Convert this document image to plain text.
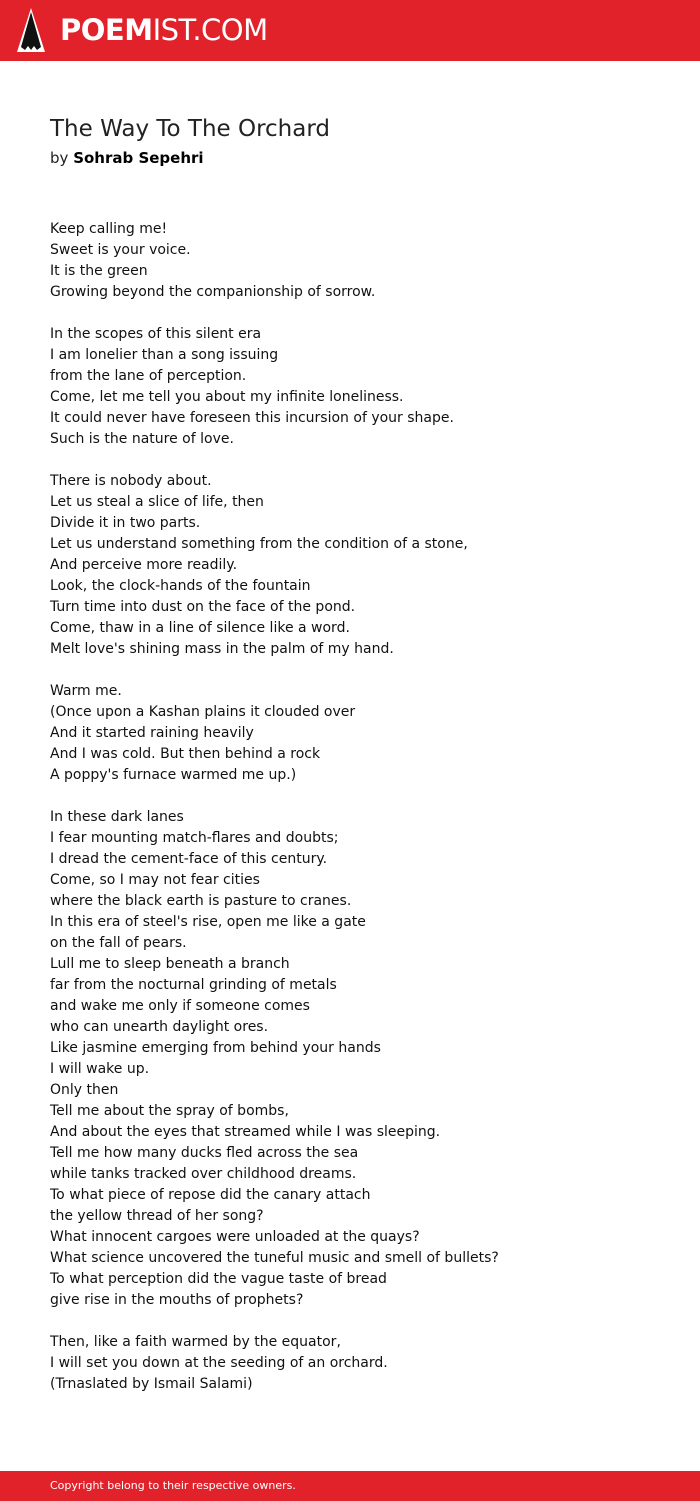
POEMIST.COM
The Way To The Orchard
by Sohrab Sepehri
Keep calling me!
Sweet is your voice.
It is the green
Growing beyond the companionship of sorrow.
In the scopes of this silent era
I am lonelier than a song issuing
from the lane of perception.
Come, let me tell you about my infinite loneliness.
It could never have foreseen this incursion of your shape.
Such is the nature of love.
There is nobody about.
Let us steal a slice of life, then
Divide it in two parts.
Let us understand something from the condition of a stone,
And perceive more readily.
Look, the clock-hands of the fountain
Turn time into dust on the face of the pond.
Come, thaw in a line of silence like a word.
Melt love's shining mass in the palm of my hand.
Warm me.
(Once upon a Kashan plains it clouded over
And it started raining heavily
And I was cold. But then behind a rock
A poppy's furnace warmed me up.)
In these dark lanes
I fear mounting match-flares and doubts;
I dread the cement-face of this century.
Come, so I may not fear cities
where the black earth is pasture to cranes.
In this era of steel's rise, open me like a gate
on the fall of pears.
Lull me to sleep beneath a branch
far from the nocturnal grinding of metals
and wake me only if someone comes
who can unearth daylight ores.
Like jasmine emerging from behind your hands
I will wake up.
Only then
Tell me about the spray of bombs,
And about the eyes that streamed while I was sleeping.
Tell me how many ducks fled across the sea
while tanks tracked over childhood dreams.
To what piece of repose did the canary attach
the yellow thread of her song?
What innocent cargoes were unloaded at the quays?
What science uncovered the tuneful music and smell of bullets?
To what perception did the vague taste of bread
give rise in the mouths of prophets?
Then, like a faith warmed by the equator,
I will set you down at the seeding of an orchard.
(Trnaslated by Ismail Salami)
Copyright belong to their respective owners.
